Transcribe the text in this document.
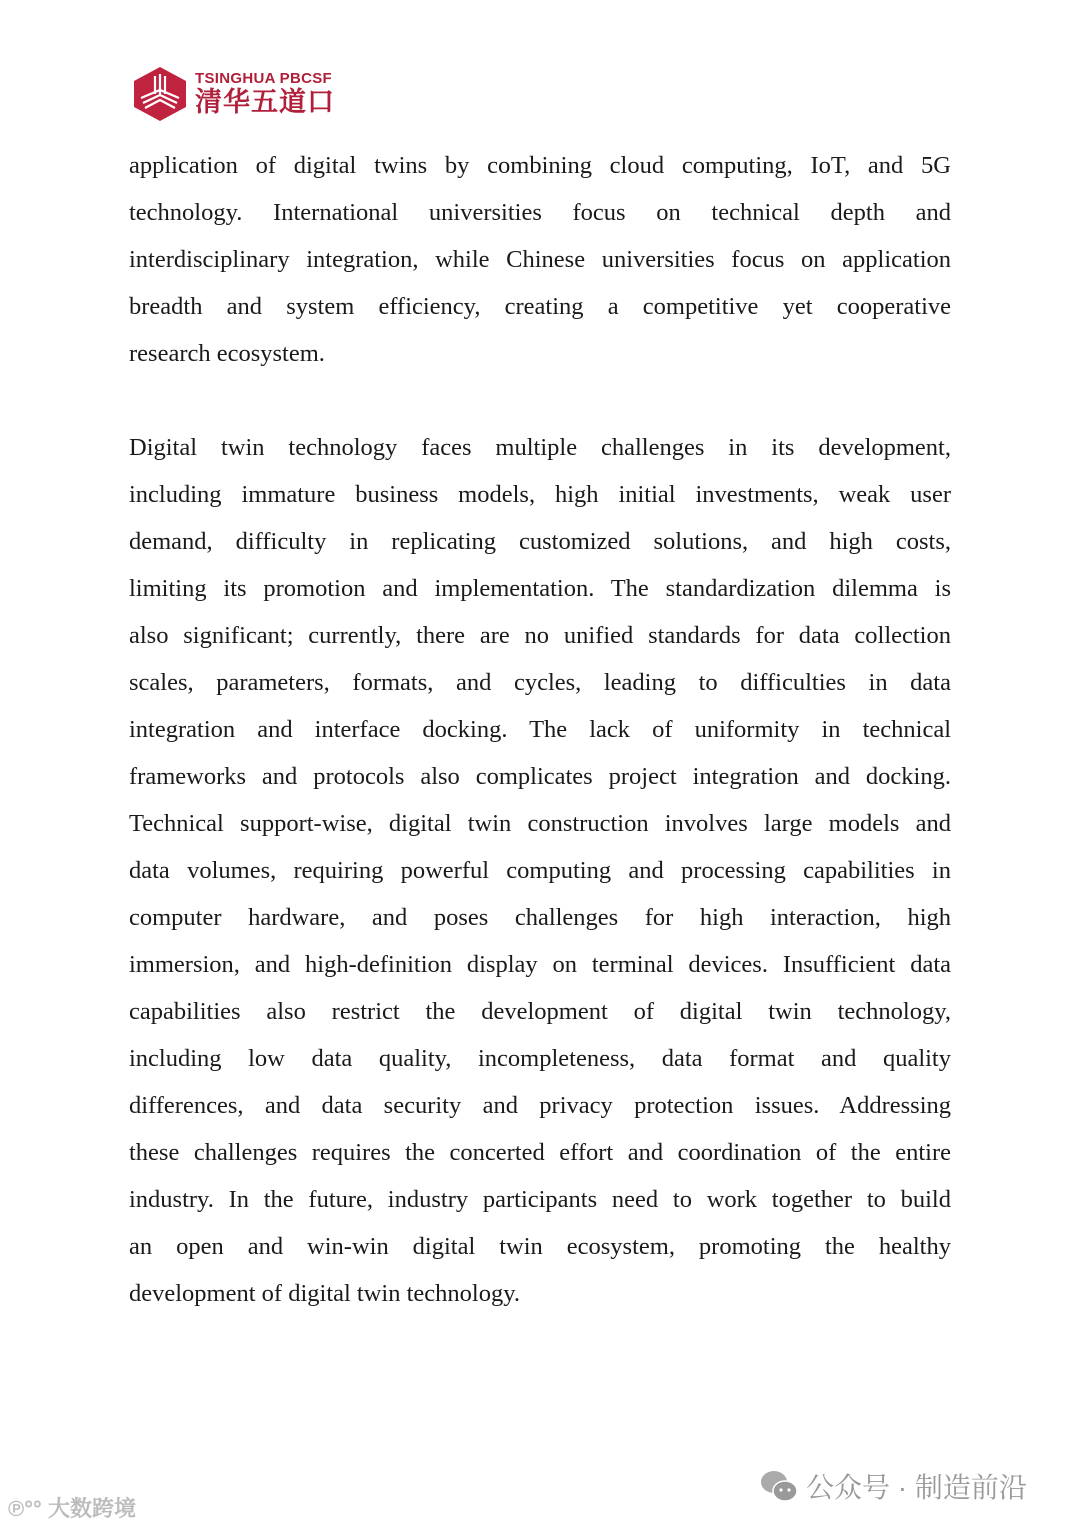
TSINGHUA PBCSF
清华五道口
application of digital twins by combining cloud computing, IoT, and 5G
technology. International universities focus on technical depth and
interdisciplinary integration, while Chinese universities focus on application
breadth and system efficiency, creating a competitive yet cooperative
research ecosystem.
Digital twin technology faces multiple challenges in its development,
including immature business models, high initial investments, weak user
demand, difficulty in replicating customized solutions, and high costs,
limiting its promotion and implementation. The standardization dilemma is
also significant; currently, there are no unified standards for data collection
scales, parameters, formats, and cycles, leading to difficulties in data
integration and interface docking. The lack of uniformity in technical
frameworks and protocols also complicates project integration and docking.
Technical support-wise, digital twin construction involves large models and
data volumes, requiring powerful computing and processing capabilities in
computer hardware, and poses challenges for high interaction, high
immersion, and high-definition display on terminal devices. Insufficient data
capabilities also restrict the development of digital twin technology,
including low data quality, incompleteness, data format and quality
differences, and data security and privacy protection issues. Addressing
these challenges requires the concerted effort and coordination of the entire
industry. In the future, industry participants need to work together to build
an open and win-win digital twin ecosystem, promoting the healthy
development of digital twin technology.
℗°° 大数跨境
公众号 · 制造前沿
